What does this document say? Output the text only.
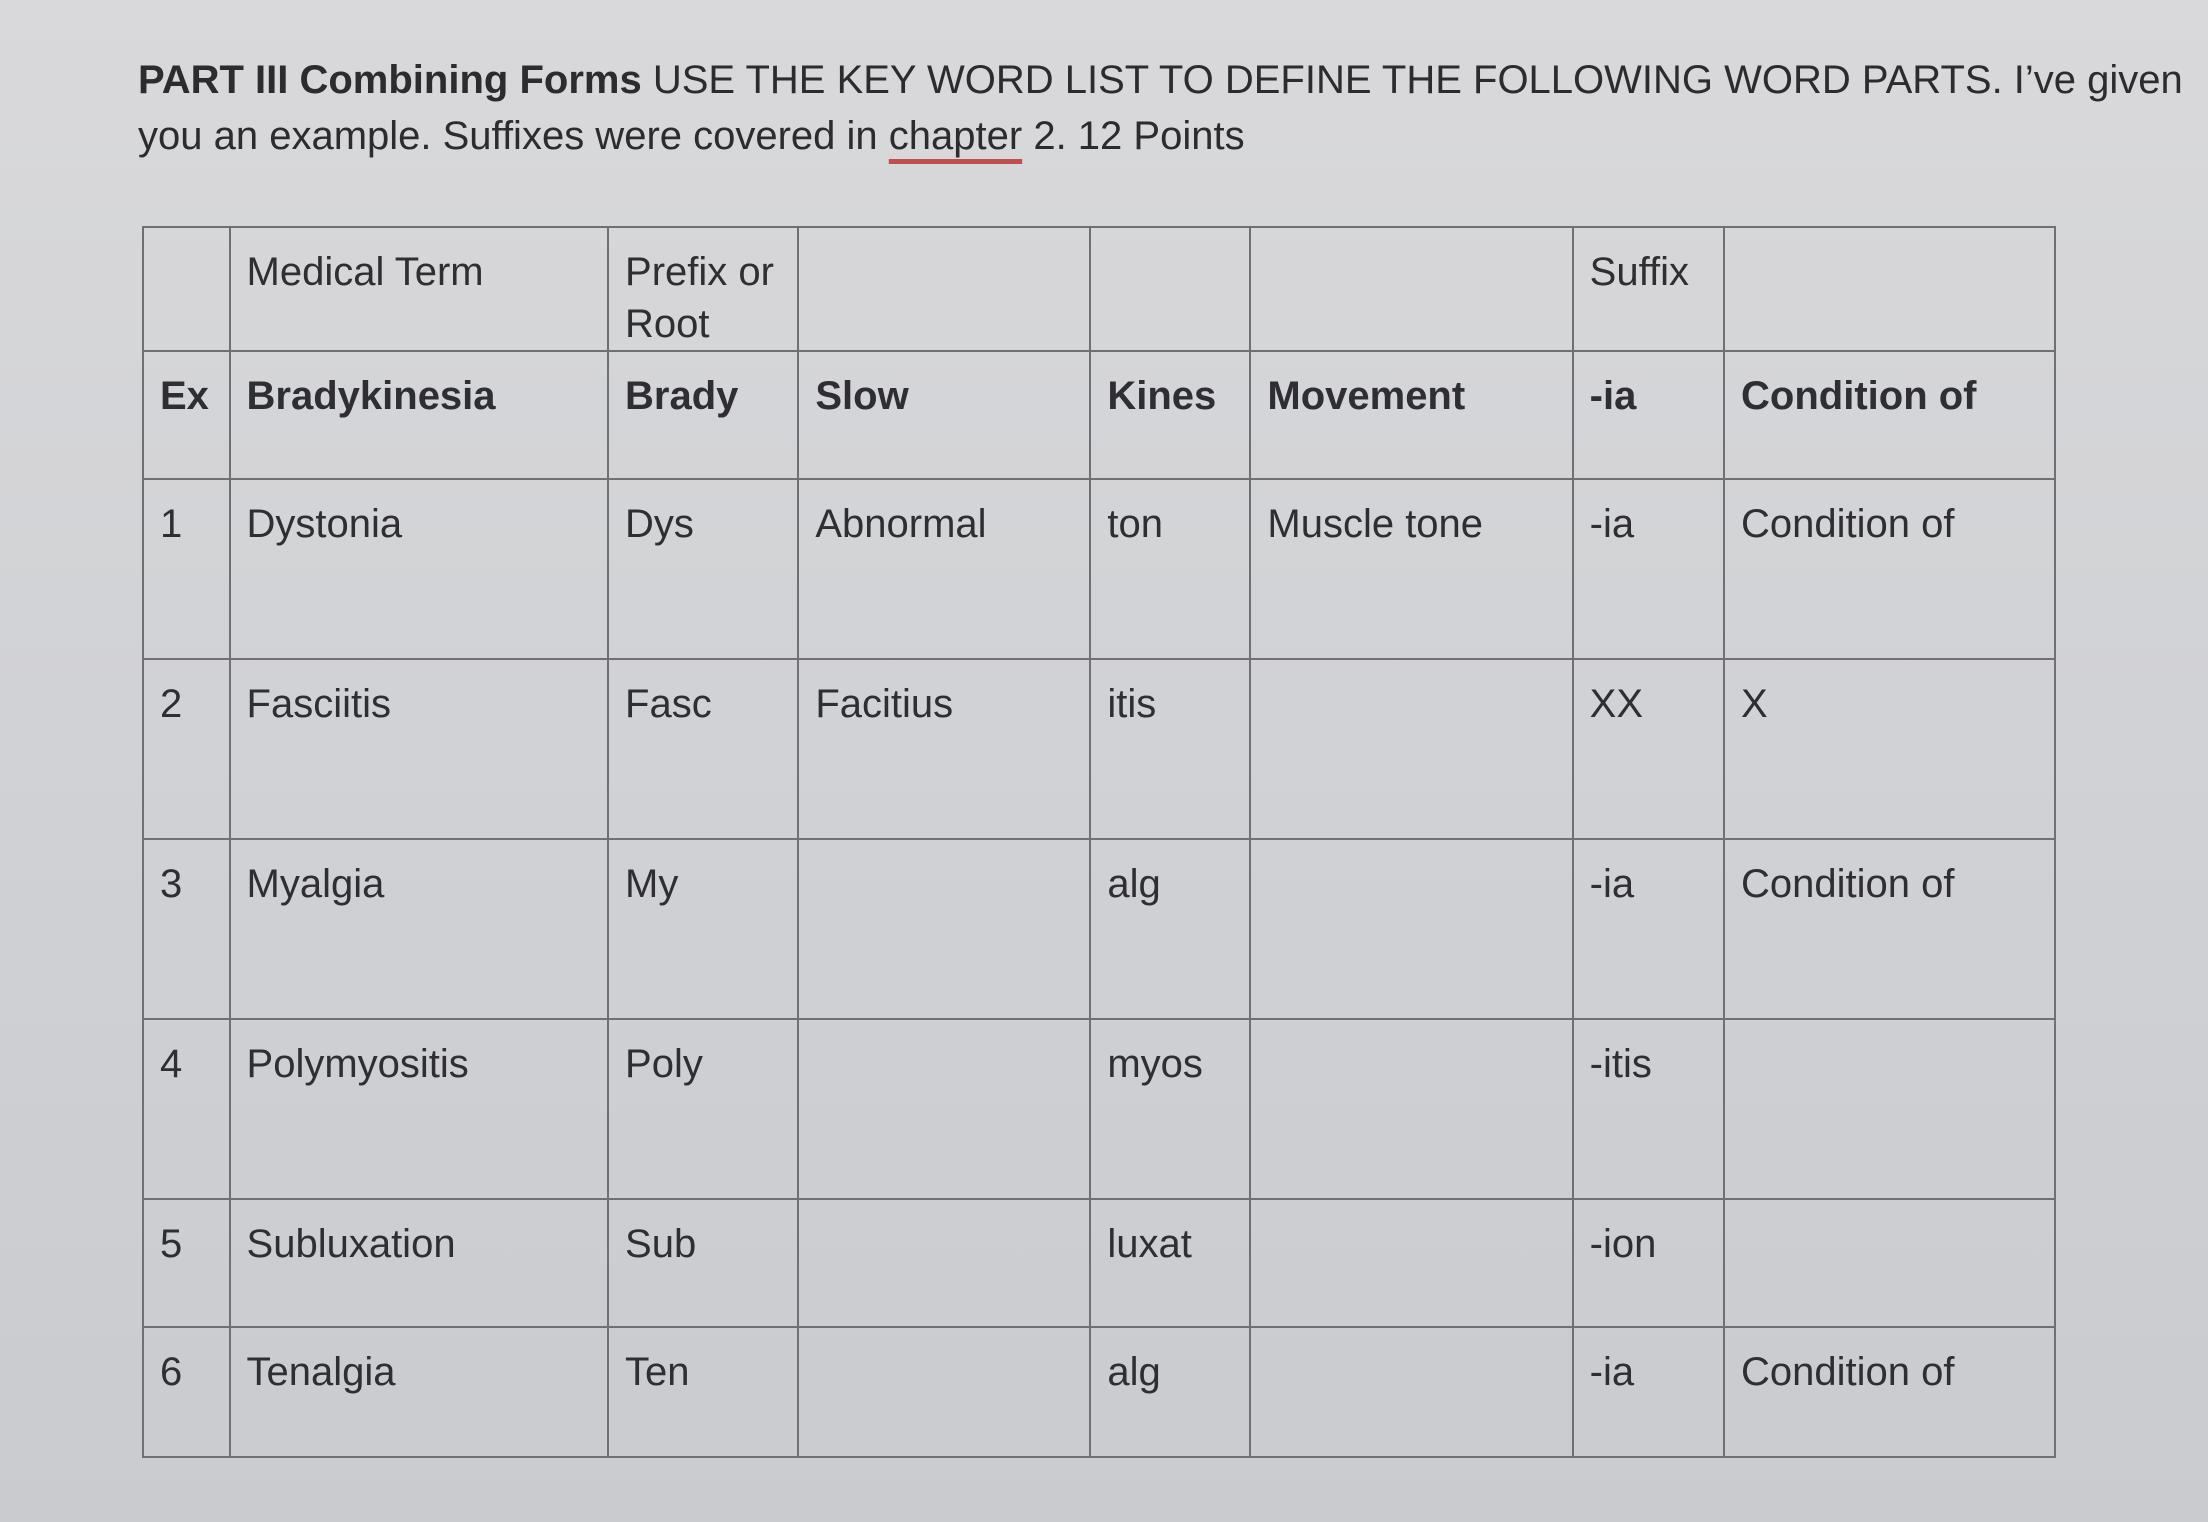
PART III Combining Forms USE THE KEY WORD LIST TO DEFINE THE FOLLOWING WORD PARTS. I’ve given you an example. Suffixes were covered in chapter 2. 12 Points
	Medical Term	Prefix or Root				Suffix	
Ex	Bradykinesia	Brady	Slow	Kines	Movement	-ia	Condition of
1	Dystonia	Dys	Abnormal	ton	Muscle tone	-ia	Condition of
2	Fasciitis	Fasc	Facitius	itis		XX	X
3	Myalgia	My		alg		-ia	Condition of
4	Polymyositis	Poly		myos		-itis	
5	Subluxation	Sub		luxat		-ion	
6	Tenalgia	Ten		alg		-ia	Condition of
